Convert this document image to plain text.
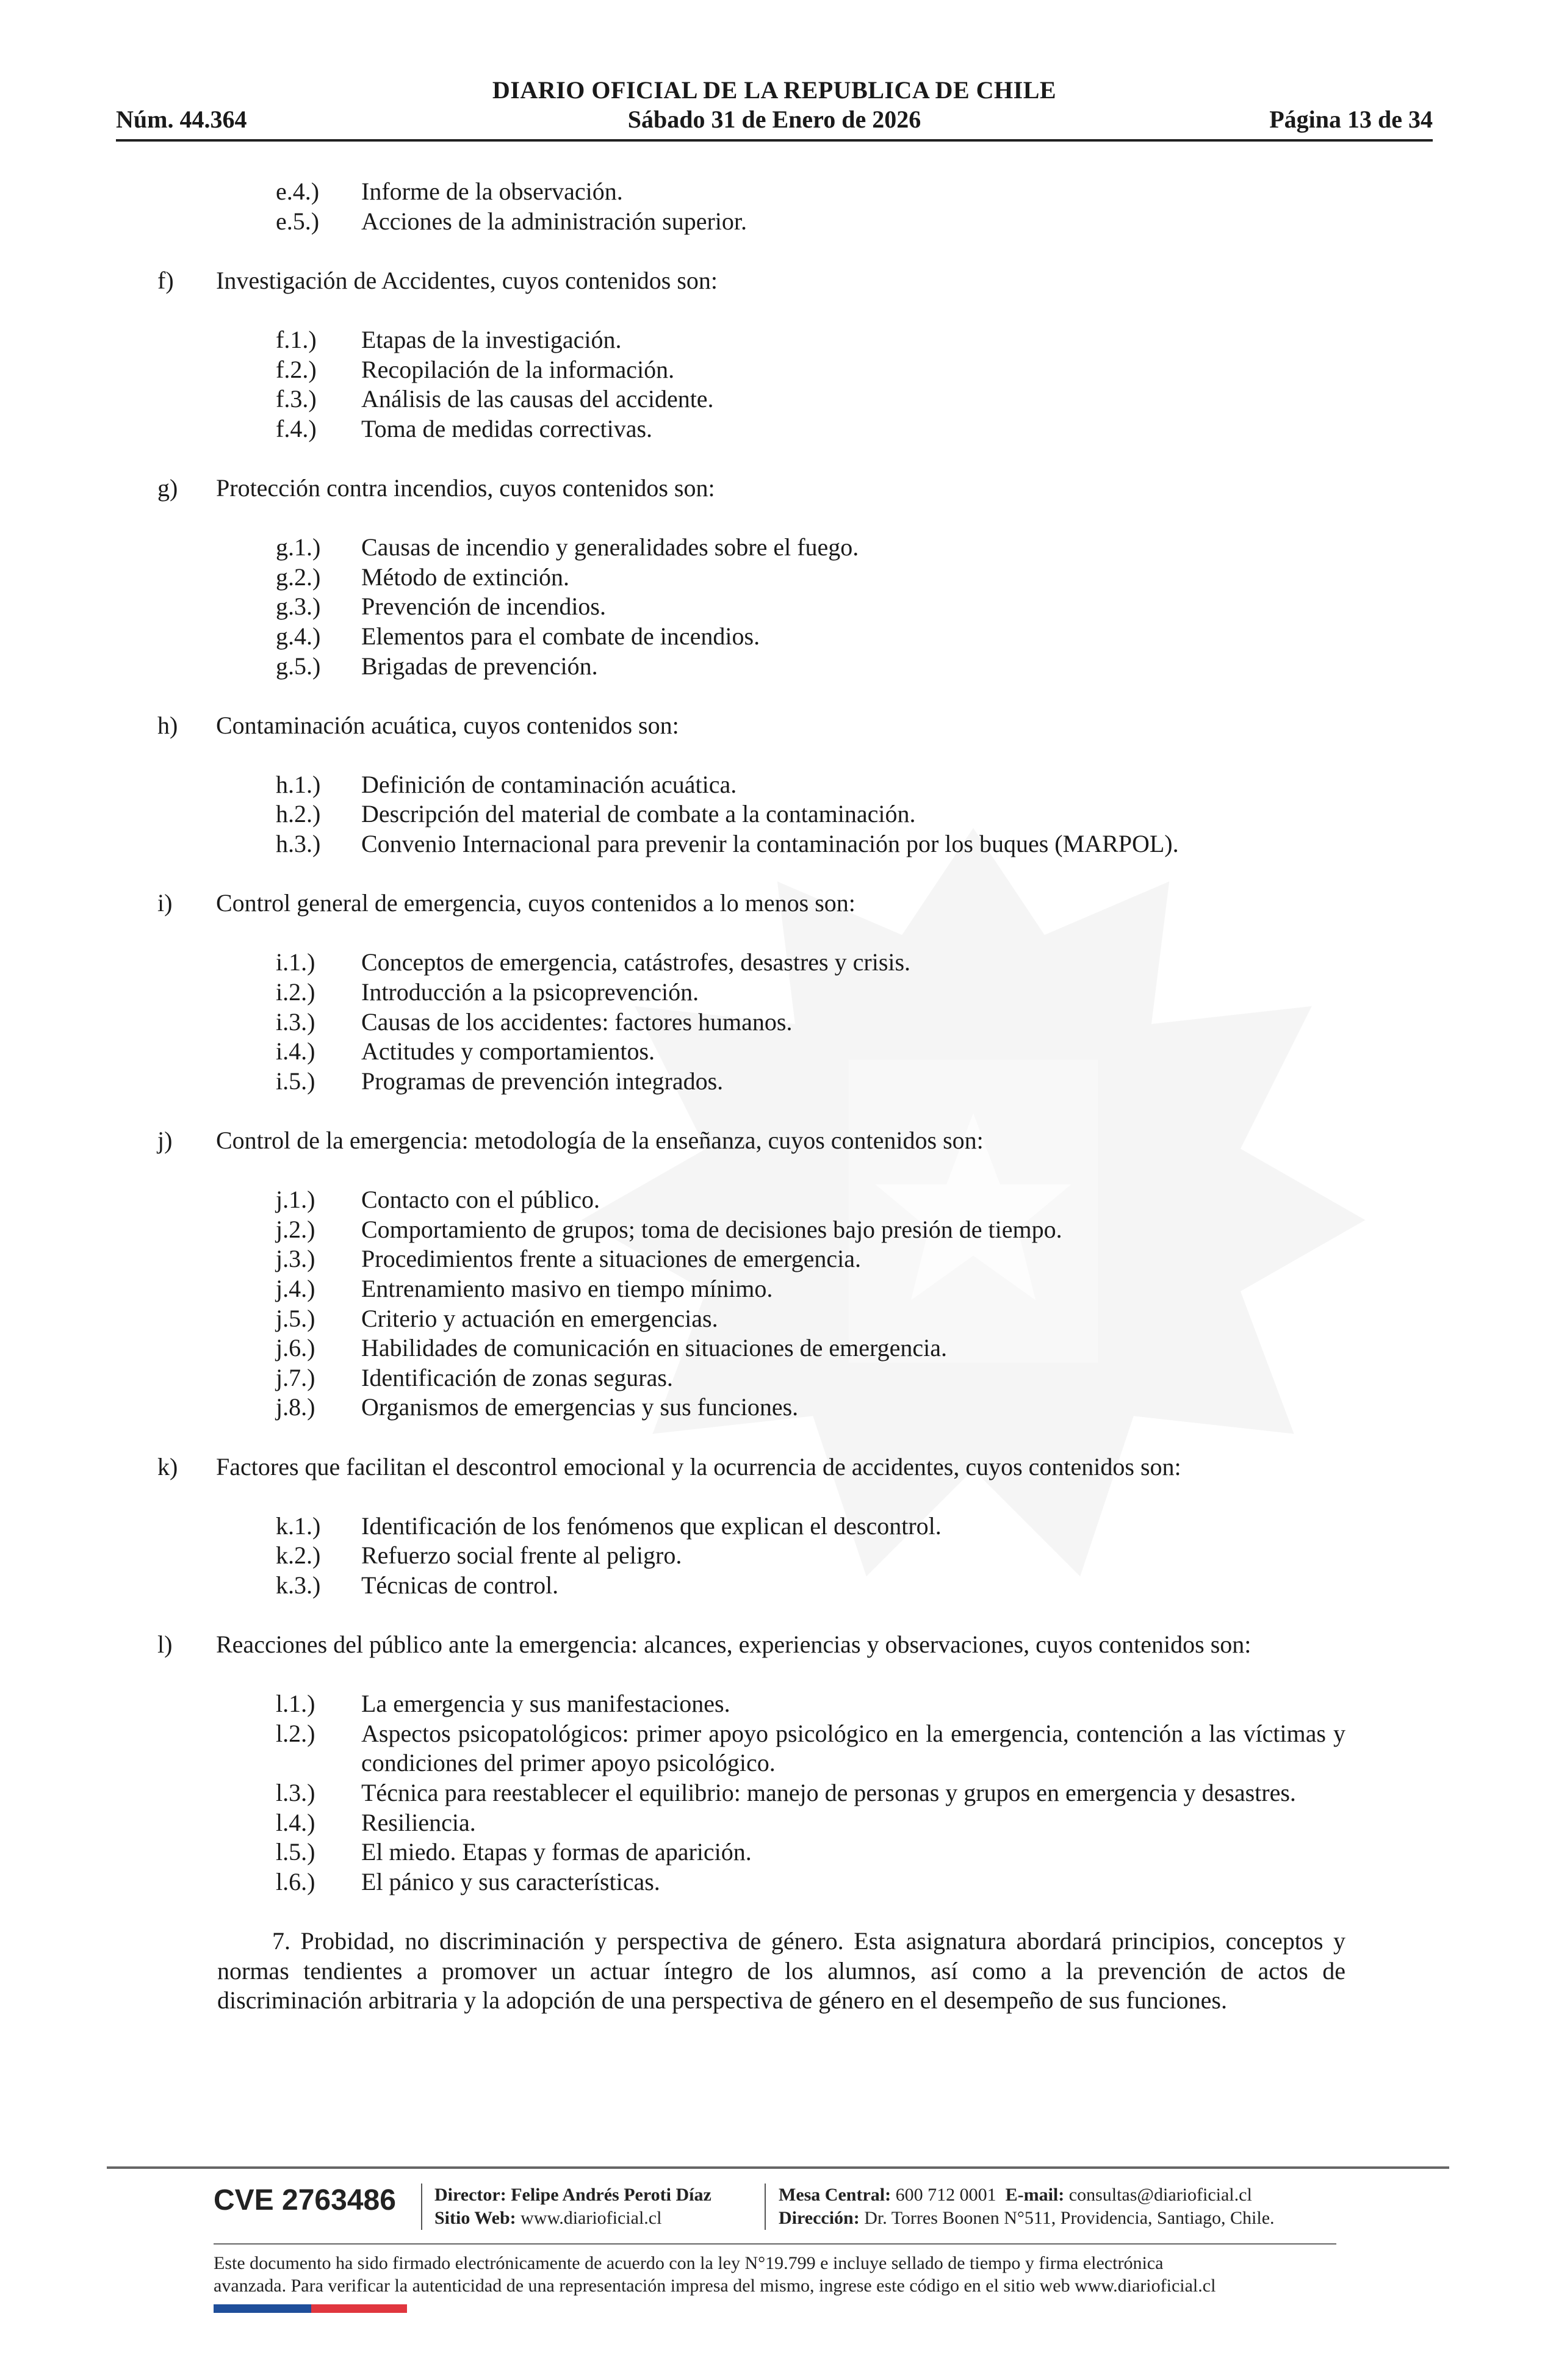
DIARIO OFICIAL DE LA REPUBLICA DE CHILE
Núm. 44.364	Sábado 31 de Enero de 2026	Página 13 de 34
e.4.)	Informe de la observación.
e.5.)	Acciones de la administración superior.
f)	Investigación de Accidentes, cuyos contenidos son:
f.1.)	Etapas de la investigación.
f.2.)	Recopilación de la información.
f.3.)	Análisis de las causas del accidente.
f.4.)	Toma de medidas correctivas.
g)	Protección contra incendios, cuyos contenidos son:
g.1.)	Causas de incendio y generalidades sobre el fuego.
g.2.)	Método de extinción.
g.3.)	Prevención de incendios.
g.4.)	Elementos para el combate de incendios.
g.5.)	Brigadas de prevención.
h)	Contaminación acuática, cuyos contenidos son:
h.1.)	Definición de contaminación acuática.
h.2.)	Descripción del material de combate a la contaminación.
h.3.)	Convenio Internacional para prevenir la contaminación por los buques (MARPOL).
i)	Control general de emergencia, cuyos contenidos a lo menos son:
i.1.)	Conceptos de emergencia, catástrofes, desastres y crisis.
i.2.)	Introducción a la psicoprevención.
i.3.)	Causas de los accidentes: factores humanos.
i.4.)	Actitudes y comportamientos.
i.5.)	Programas de prevención integrados.
j)	Control de la emergencia: metodología de la enseñanza, cuyos contenidos son:
j.1.)	Contacto con el público.
j.2.)	Comportamiento de grupos; toma de decisiones bajo presión de tiempo.
j.3.)	Procedimientos frente a situaciones de emergencia.
j.4.)	Entrenamiento masivo en tiempo mínimo.
j.5.)	Criterio y actuación en emergencias.
j.6.)	Habilidades de comunicación en situaciones de emergencia.
j.7.)	Identificación de zonas seguras.
j.8.)	Organismos de emergencias y sus funciones.
k)	Factores que facilitan el descontrol emocional y la ocurrencia de accidentes, cuyos contenidos son:
k.1.)	Identificación de los fenómenos que explican el descontrol.
k.2.)	Refuerzo social frente al peligro.
k.3.)	Técnicas de control.
l)	Reacciones del público ante la emergencia: alcances, experiencias y observaciones, cuyos contenidos son:
l.1.)	La emergencia y sus manifestaciones.
l.2.)	Aspectos psicopatológicos: primer apoyo psicológico en la emergencia, contención a las víctimas y condiciones del primer apoyo psicológico.
l.3.)	Técnica para reestablecer el equilibrio: manejo de personas y grupos en emergencia y desastres.
l.4.)	Resiliencia.
l.5.)	El miedo. Etapas y formas de aparición.
l.6.)	El pánico y sus características.
7. Probidad, no discriminación y perspectiva de género. Esta asignatura abordará principios, conceptos y normas tendientes a promover un actuar íntegro de los alumnos, así como a la prevención de actos de discriminación arbitraria y la adopción de una perspectiva de género en el desempeño de sus funciones.
CVE 2763486 Director: Felipe Andrés Peroti Díaz
Sitio Web: www.diarioficial.cl
Mesa Central: 600 712 0001 E-mail: consultas@diarioficial.cl
Dirección: Dr. Torres Boonen N°511, Providencia, Santiago, Chile.
Este documento ha sido firmado electrónicamente de acuerdo con la ley N°19.799 e incluye sellado de tiempo y firma electrónica
avanzada. Para verificar la autenticidad de una representación impresa del mismo, ingrese este código en el sitio web www.diarioficial.cl
